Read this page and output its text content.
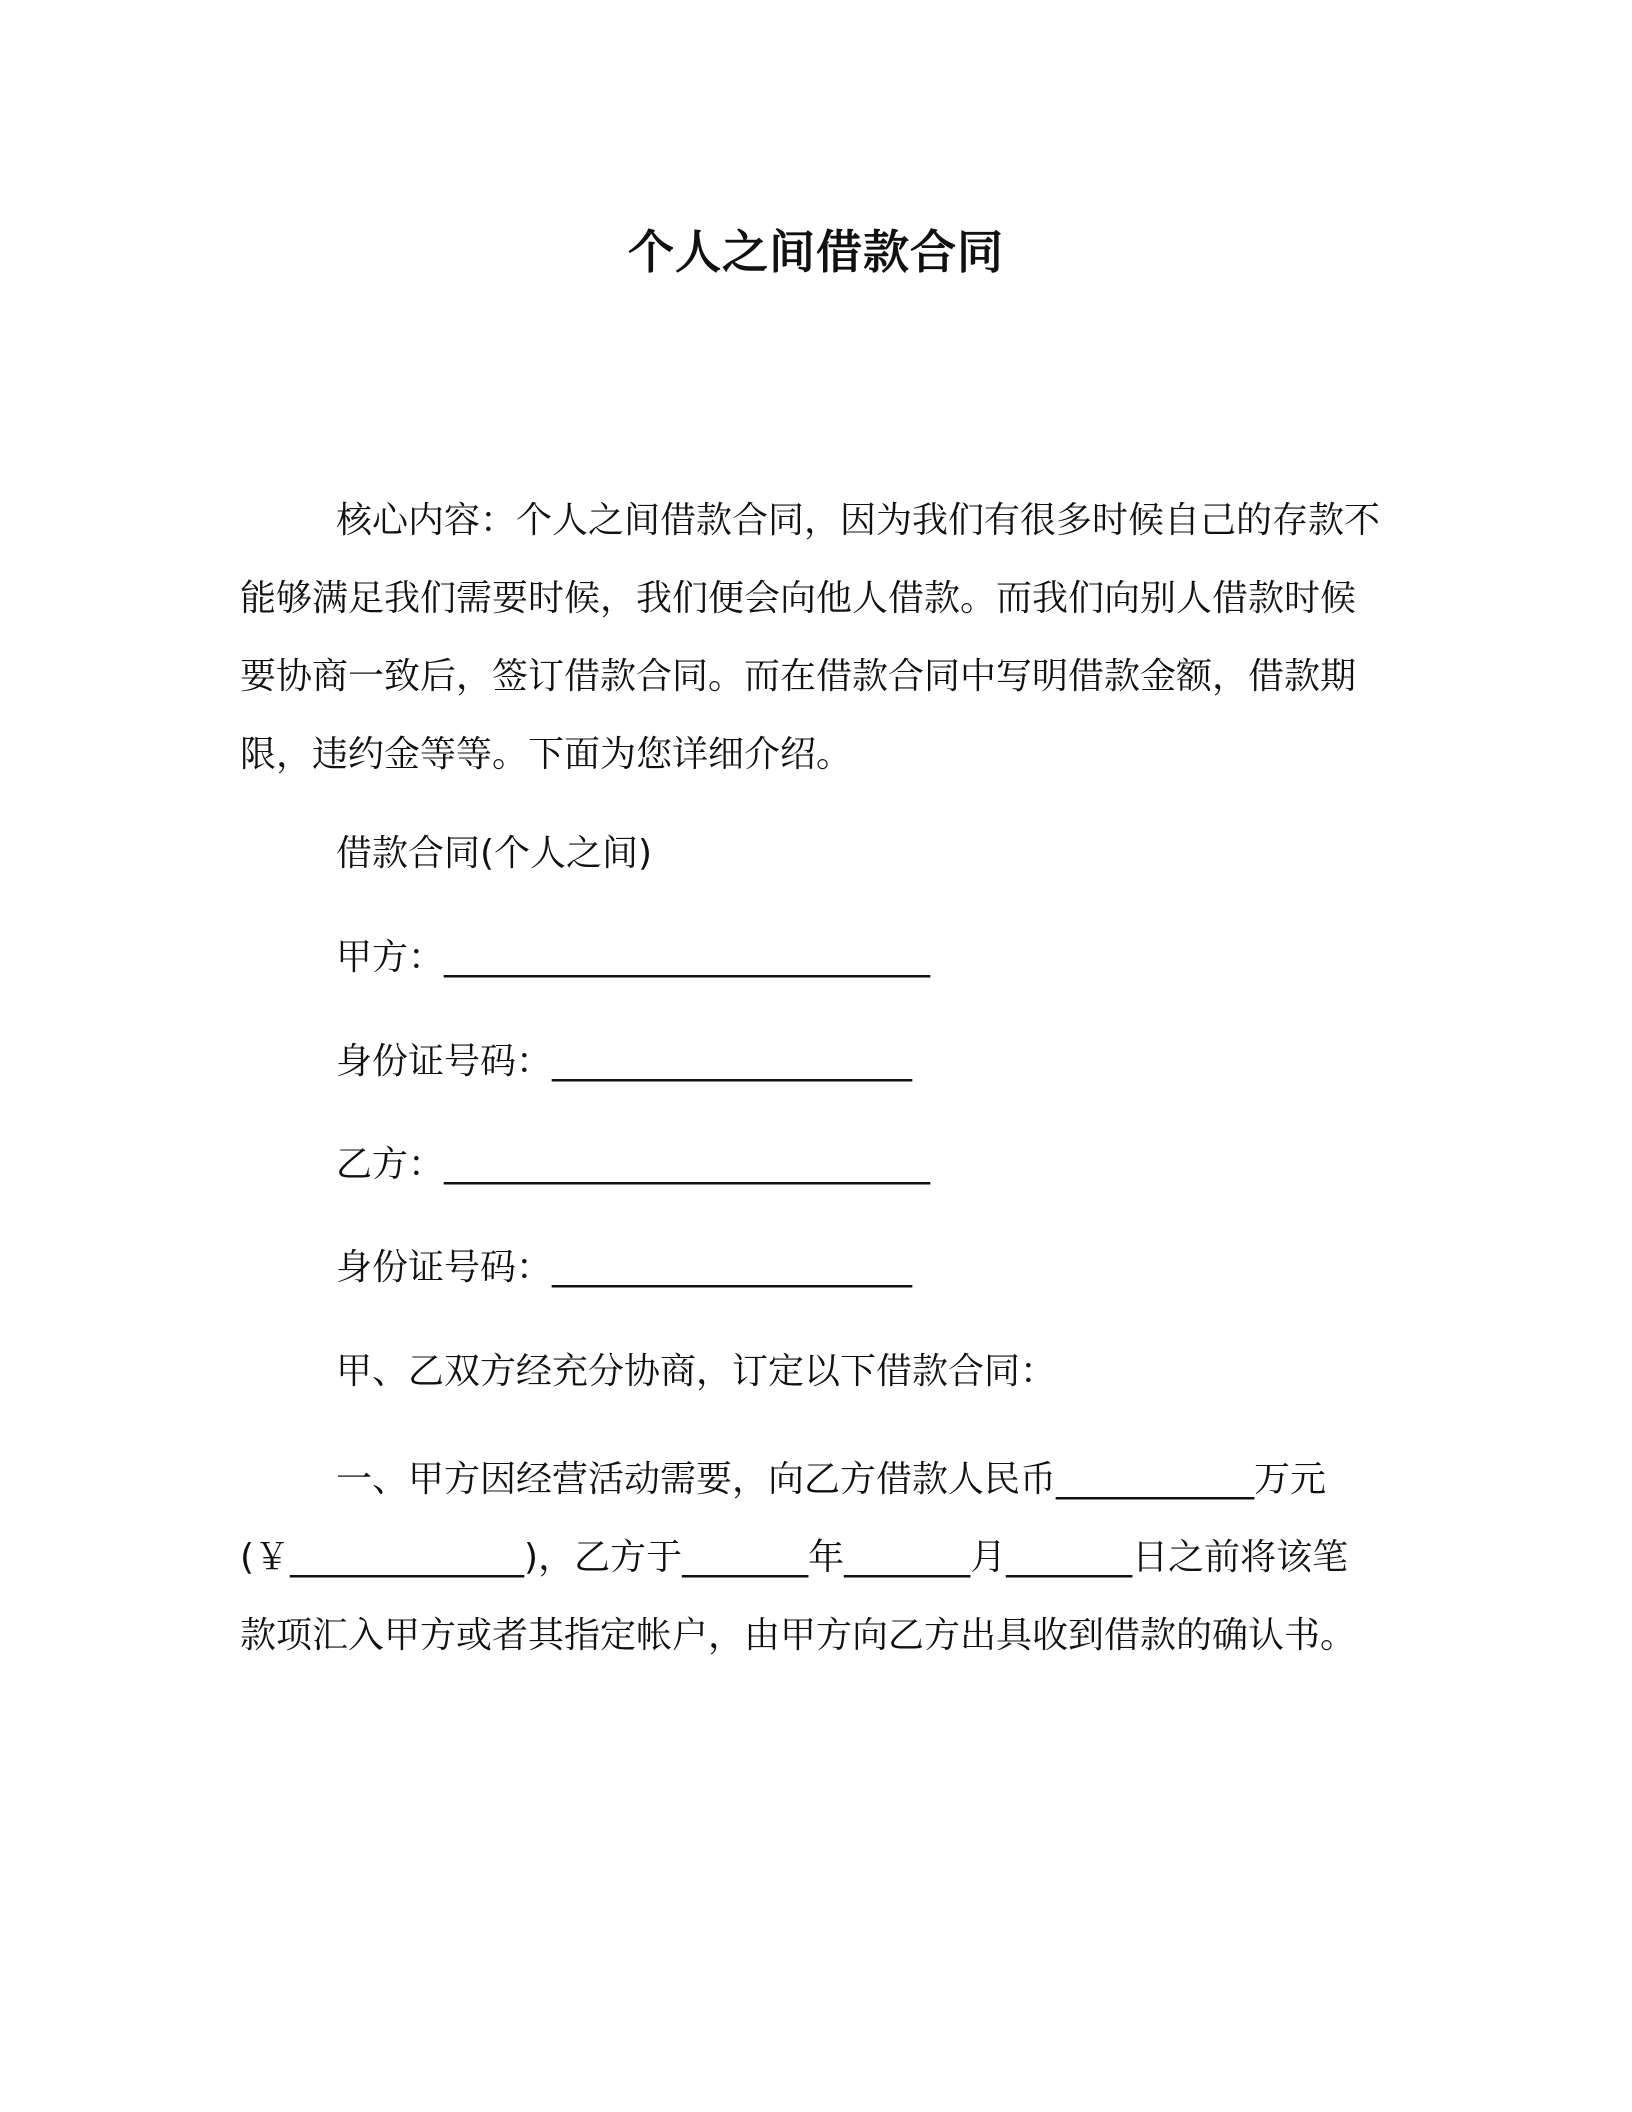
个人之间借款合同
核心内容：个人之间借款合同，因为我们有很多时候自己的存款不能够满足我们需要时候，我们便会向他人借款。而我们向别人借款时候要协商一致后，签订借款合同。而在借款合同中写明借款金额，借款期限，违约金等等。下面为您详细介绍。
借款合同(个人之间)
甲方：___________________________
身份证号码：____________________
乙方：___________________________
身份证号码：____________________
甲、乙双方经充分协商，订定以下借款合同：
一、甲方因经营活动需要，向乙方借款人民币___________万元(￥_____________)，乙方于_______年_______月_______日之前将该笔款项汇入甲方或者其指定帐户，由甲方向乙方出具收到借款的确认书。
